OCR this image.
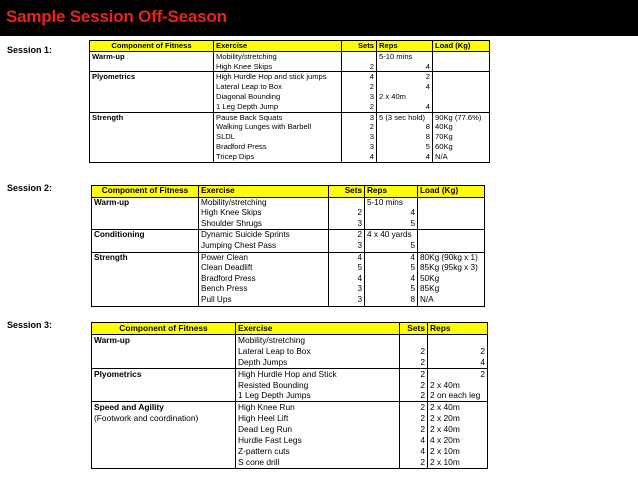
Sample Session Off-Season
Session 1:
Session 2:
Session 3:
Component of Fitness	Exercise	Sets	Reps	Load (Kg)
Warm-up	Mobility/stretching		5-10 mins

	High Knee Skips	2	4	

Plyometrics	High Hurdle Hop and stick jumps	4	2	

	Lateral Leap to Box	2	4	

	Diagonal Bounding	3	2 x 40m

	1 Leg Depth Jump	2	4	

Strength	Pause Back Squats	3	5 (3 sec hold)	90Kg (77.6%)
	Walking Lunges with Barbell	2	8	40Kg
	SLDL	3	8	70Kg
	Bradford Press	3	5	60Kg
	Tricep Dips	4	4	N/A
Component of Fitness	Exercise	Sets	Reps	Load (Kg)
Warm-up	Mobility/stretching		5-10 mins

	High Knee Skips	2	4	

	Shoulder Shrugs	3	5	

Conditioning	Dynamic Suicide Sprints	2	4 x 40 yards

	Jumping Chest Pass	3	5	

Strength	Power Clean	4	4	80Kg (90kg x 1)
	Clean Deadlift	5	5	85Kg (95kg x 3)
	Bradford Press	4	4	50Kg
	Bench Press	3	5	85Kg
	Pull Ups	3	8	N/A
Component of Fitness	Exercise	Sets	Reps
Warm-up	Mobility/stretching		

	Lateral Leap to Box	2	2

	Depth Jumps	2	4

Plyometrics	High Hurdle Hop and Stick	2	2

	Resisted Bounding	2	2 x 40m

	1 Leg Depth Jumps	2	2 on each leg

Speed and Agility	High Knee Run	2	2 x 40m

(Footwork and coordination)	High Heel Lift	2	2 x 20m

	Dead Leg Run	2	2 x 40m

	Hurdle Fast Legs	4	4 x 20m

	Z-pattern cuts	4	2 x 10m

	S cone drill	2	2 x 10m
